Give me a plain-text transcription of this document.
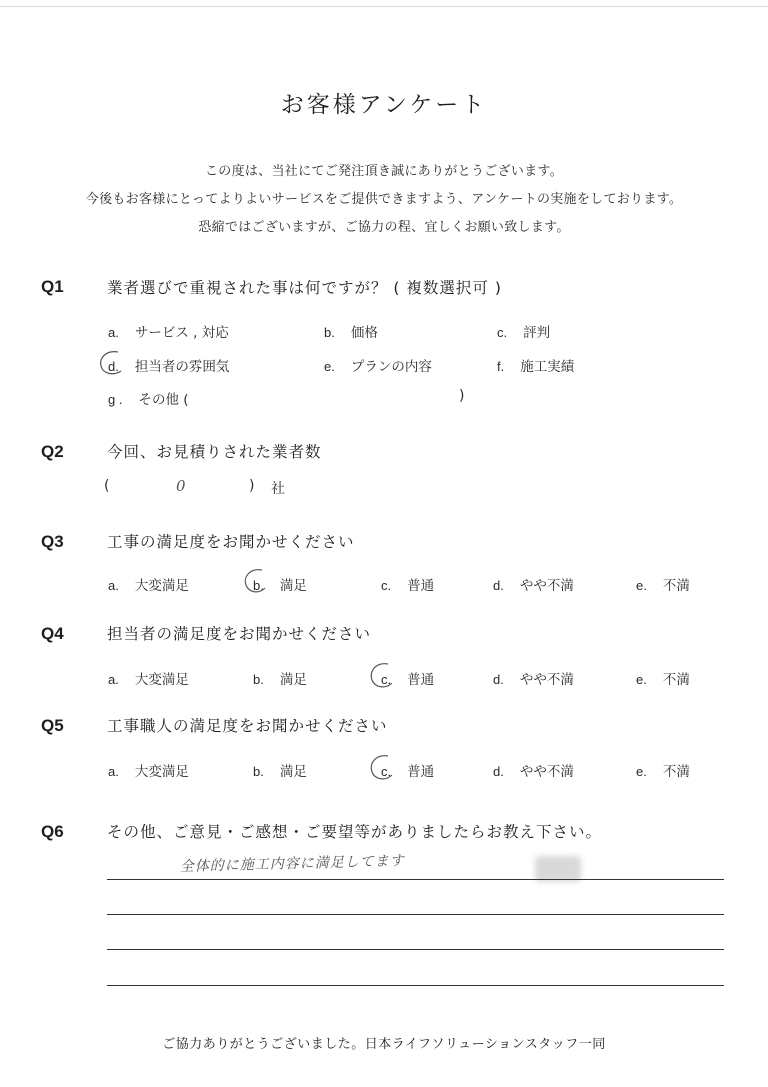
お客様アンケート
この度は、当社にてご発注頂き誠にありがとうございます。
今後もお客様にとってよりよいサービスをご提供できますよう、アンケートの実施をしております。
恐縮ではございますが、ご協力の程、宜しくお願い致します。
Q1	業者選びで重視された事は何ですが？ ( 複数選択可 )
a. サービス , 対応	b. 価格	c. 評判
d. 担当者の雰囲気	e. プランの内容	f. 施工実績
g . その他 (	)
Q2	今回、お見積りされた業者数
(	0	) 社
Q3	工事の満足度をお聞かせください
a. 大変満足	b. 満足	c. 普通	d. やや不満	e. 不満
Q4	担当者の満足度をお聞かせください
a. 大変満足	b. 満足	c. 普通	d. やや不満	e. 不満
Q5	工事職人の満足度をお聞かせください
a. 大変満足	b. 満足	c. 普通	d. やや不満	e. 不満
Q6	その他、ご意見・ご感想・ご要望等がありましたらお教え下さい。
全体的に施工内容に満足してます
ご協力ありがとうございました。日本ライフソリューションスタッフ一同
